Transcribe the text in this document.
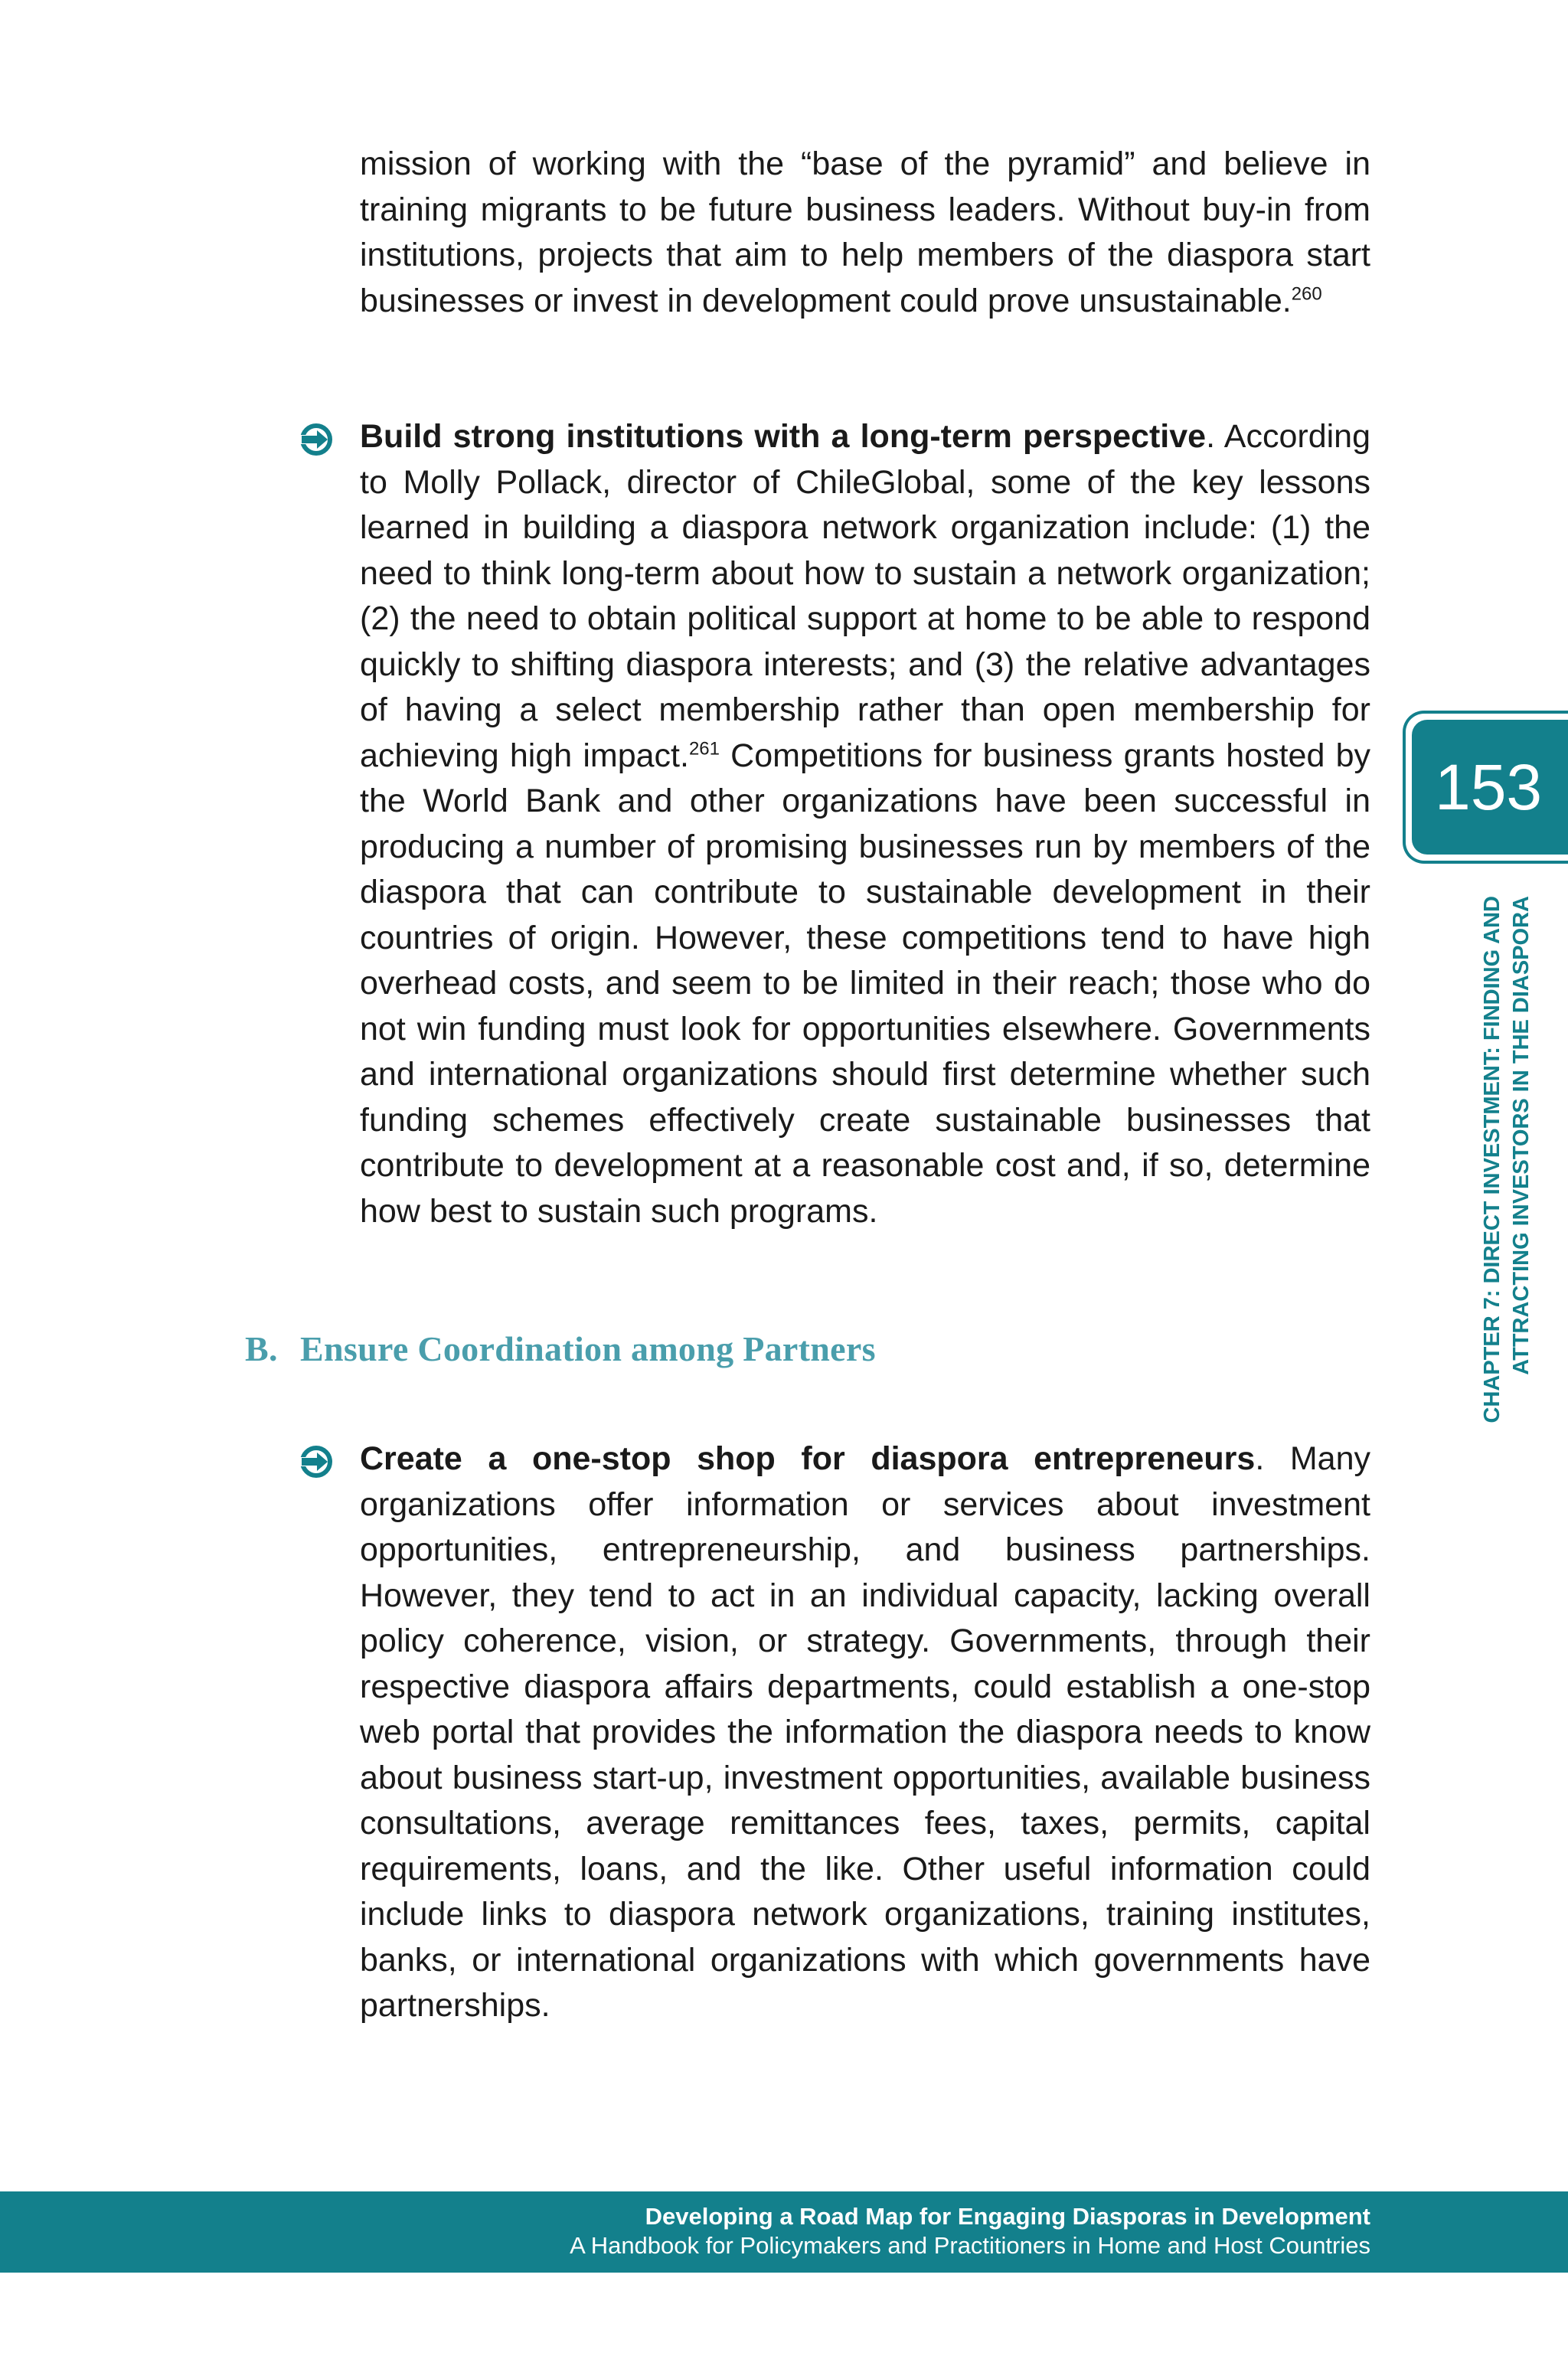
mission of working with the “base of the pyramid” and believe in training migrants to be future business leaders. Without buy-in from institutions, projects that aim to help members of the diaspora start businesses or invest in development could prove unsustainable.$^{260}$

Build strong institutions with a long-term perspective. According to Molly Pollack, director of ChileGlobal, some of the key lessons learned in building a diaspora network organization include: (1) the need to think long-term about how to sustain a network organization; (2) the need to obtain political support at home to be able to respond quickly to shifting diaspora interests; and (3) the relative advantages of having a select membership rather than open membership for achieving high impact.$^{261}$ Competitions for business grants hosted by the World Bank and other organizations have been successful in producing a number of promising businesses run by members of the diaspora that can contribute to sustainable development in their countries of origin. However, these competitions tend to have high overhead costs, and seem to be limited in their reach; those who do not win funding must look for opportunities elsewhere. Governments and international organizations should first determine whether such funding schemes effectively create sustainable businesses that contribute to development at a reasonable cost and, if so, determine how best to sustain such programs.

B. Ensure Coordination among Partners

Create a one-stop shop for diaspora entrepreneurs. Many organizations offer information or services about investment opportunities, entrepreneurship, and business partnerships. However, they tend to act in an individual capacity, lacking overall policy coherence, vision, or strategy. Governments, through their respective diaspora affairs departments, could establish a one-stop web portal that provides the information the diaspora needs to know about business start-up, investment opportunities, available business consultations, average remittances fees, taxes, permits, capital requirements, loans, and the like. Other useful information could include links to diaspora network organizations, training institutes, banks, or international organizations with which governments have partnerships.

153
CHAPTER 7: DIRECT INVESTMENT: FINDING AND ATTRACTING INVESTORS IN THE DIASPORA
Developing a Road Map for Engaging Diasporas in Development
A Handbook for Policymakers and Practitioners in Home and Host Countries
